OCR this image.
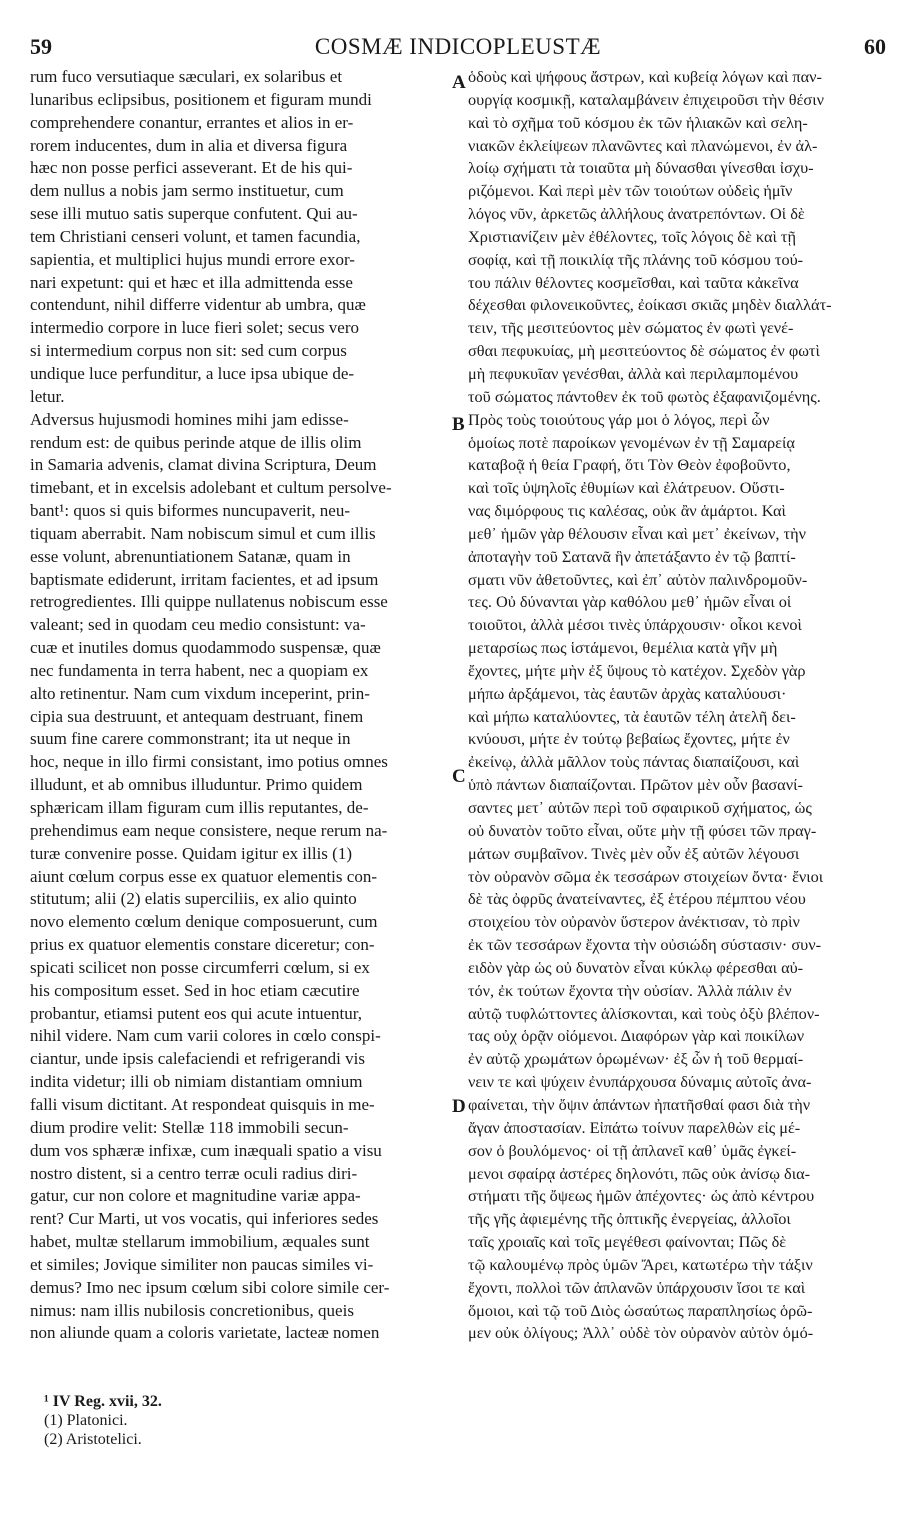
59	COSMÆ INDICOPLEUSTÆ	60
rum fuco versutiaque sæculari, ex solaribus et
lunaribus eclipsibus, positionem et figuram mundi
comprehendere conantur, errantes et alios in er-
rorem inducentes, dum in alia et diversa figura
hæc non posse perfici asseverant. Et de his qui-
dem nullus a nobis jam sermo instituetur, cum
sese illi mutuo satis superque confutent. Qui au-
tem Christiani censeri volunt, et tamen facundia,
sapientia, et multiplici hujus mundi errore exor-
nari expetunt: qui et hæc et illa admittenda esse
contendunt, nihil differre videntur ab umbra, quæ
intermedio corpore in luce fieri solet; secus vero
si intermedium corpus non sit: sed cum corpus
undique luce perfunditur, a luce ipsa ubique de-
letur.
Adversus hujusmodi homines mihi jam edisse-
rendum est: de quibus perinde atque de illis olim
in Samaria advenis, clamat divina Scriptura, Deum
timebant, et in excelsis adolebant et cultum persolve-
bant¹: quos si quis biformes nuncupaverit, neu-
tiquam aberrabit. Nam nobiscum simul et cum illis
esse volunt, abrenuntiationem Satanæ, quam in
baptismate ediderunt, irritam facientes, et ad ipsum
retrogredientes. Illi quippe nullatenus nobiscum esse
valeant; sed in quodam ceu medio consistunt: va-
cuæ et inutiles domus quodammodo suspensæ, quæ
nec fundamenta in terra habent, nec a quopiam ex
alto retinentur. Nam cum vixdum inceperint, prin-
cipia sua destruunt, et antequam destruant, finem
suum fine carere commonstrant; ita ut neque in
hoc, neque in illo firmi consistant, imo potius omnes
illudunt, et ab omnibus illuduntur. Primo quidem
sphæricam illam figuram cum illis reputantes, de-
prehendimus eam neque consistere, neque rerum na-
turæ convenire posse. Quidam igitur ex illis (1)
aiunt cœlum corpus esse ex quatuor elementis con-
stitutum; alii (2) elatis superciliis, ex alio quinto
novo elemento cœlum denique composuerunt, cum
prius ex quatuor elementis constare diceretur; con-
spicati scilicet non posse circumferri cœlum, si ex
his compositum esset. Sed in hoc etiam cæcutire
probantur, etiamsi putent eos qui acute intuentur,
nihil videre. Nam cum varii colores in cœlo conspi-
ciantur, unde ipsis calefaciendi et refrigerandi vis
indita videtur; illi ob nimiam distantiam omnium
falli visum dictitant. At respondeat quisquis in me-
dium prodire velit: Stellæ 118 immobili secun-
dum vos sphæræ infixæ, cum inæquali spatio a visu
nostro distent, si a centro terræ oculi radius diri-
gatur, cur non colore et magnitudine variæ appa-
rent? Cur Marti, ut vos vocatis, qui inferiores sedes
habet, multæ stellarum immobilium, æquales sunt
et similes; Jovique similiter non paucas similes vi-
demus? Imo nec ipsum cœlum sibi colore simile cer-
nimus: nam illis nubilosis concretionibus, queis
non aliunde quam a coloris varietate, lacteæ nomen
A
B
C
D
ὁδοὺς καὶ ψήφους ἄστρων, καὶ κυβείᾳ λόγων καὶ παν-
ουργίᾳ κοσμικῇ, καταλαμβάνειν ἐπιχειροῦσι τὴν θέσιν
καὶ τὸ σχῆμα τοῦ κόσμου ἐκ τῶν ἡλιακῶν καὶ σελη-
νιακῶν ἐκλείψεων πλανῶντες καὶ πλανώμενοι, ἐν ἀλ-
λοίῳ σχήματι τὰ τοιαῦτα μὴ δύνασθαι γίνεσθαι ἰσχυ-
ριζόμενοι. Καὶ περὶ μὲν τῶν τοιούτων οὐδεὶς ἡμῖν
λόγος νῦν, ἀρκετῶς ἀλλήλους ἀνατρεπόντων. Οἱ δὲ
Χριστιανίζειν μὲν ἐθέλοντες, τοῖς λόγοις δὲ καὶ τῇ
σοφίᾳ, καὶ τῇ ποικιλίᾳ τῆς πλάνης τοῦ κόσμου τού-
του πάλιν θέλοντες κοσμεῖσθαι, καὶ ταῦτα κἀκεῖνα
δέχεσθαι φιλονεικοῦντες, ἐοίκασι σκιᾶς μηδὲν διαλλάτ-
τειν, τῆς μεσιτεύοντος μὲν σώματος ἐν φωτὶ γενέ-
σθαι πεφυκυίας, μὴ μεσιτεύοντος δὲ σώματος ἐν φωτὶ
μὴ πεφυκυῖαν γενέσθαι, ἀλλὰ καὶ περιλαμπομένου
τοῦ σώματος πάντοθεν ἐκ τοῦ φωτὸς ἐξαφανιζομένης.
Πρὸς τοὺς τοιούτους γάρ μοι ὁ λόγος, περὶ ὧν
ὁμοίως ποτὲ παροίκων γενομένων ἐν τῇ Σαμαρείᾳ
καταβοᾷ ἡ θεία Γραφή, ὅτι Τὸν Θεὸν ἐφοβοῦντο,
καὶ τοῖς ὑψηλοῖς ἐθυμίων καὶ ἐλάτρευον. Οὕστι-
νας διμόρφους τις καλέσας, οὐκ ἂν ἁμάρτοι. Καὶ
μεθ᾽ ἡμῶν γὰρ θέλουσιν εἶναι καὶ μετ᾽ ἐκείνων, τὴν
ἀποταγὴν τοῦ Σατανᾶ ἣν ἀπετάξαντο ἐν τῷ βαπτί-
σματι νῦν ἀθετοῦντες, καὶ ἐπ᾽ αὐτὸν παλινδρομοῦν-
τες. Οὐ δύνανται γὰρ καθόλου μεθ᾽ ἡμῶν εἶναι οἱ
τοιοῦτοι, ἀλλὰ μέσοι τινὲς ὑπάρχουσιν· οἶκοι κενοὶ
μεταρσίως πως ἱστάμενοι, θεμέλια κατὰ γῆν μὴ
ἔχοντες, μήτε μὴν ἐξ ὕψους τὸ κατέχον. Σχεδὸν γὰρ
μήπω ἀρξάμενοι, τὰς ἑαυτῶν ἀρχὰς καταλύουσι·
καὶ μήπω καταλύοντες, τὰ ἑαυτῶν τέλη ἀτελῆ δει-
κνύουσι, μήτε ἐν τούτῳ βεβαίως ἔχοντες, μήτε ἐν
ἐκείνῳ, ἀλλὰ μᾶλλον τοὺς πάντας διαπαίζουσι, καὶ
ὑπὸ πάντων διαπαίζονται. Πρῶτον μὲν οὖν βασανί-
σαντες μετ᾽ αὐτῶν περὶ τοῦ σφαιρικοῦ σχήματος, ὡς
οὐ δυνατὸν τοῦτο εἶναι, οὔτε μὴν τῇ φύσει τῶν πραγ-
μάτων συμβαῖνον. Τινὲς μὲν οὖν ἐξ αὐτῶν λέγουσι
τὸν οὐρανὸν σῶμα ἐκ τεσσάρων στοιχείων ὄντα· ἔνιοι
δὲ τὰς ὀφρῦς ἀνατείναντες, ἐξ ἑτέρου πέμπτου νέου
στοιχείου τὸν οὐρανὸν ὕστερον ἀνέκτισαν, τὸ πρὶν
ἐκ τῶν τεσσάρων ἔχοντα τὴν οὐσιώδη σύστασιν· συν-
ειδὸν γὰρ ὡς οὐ δυνατὸν εἶναι κύκλῳ φέρεσθαι αὐ-
τόν, ἐκ τούτων ἔχοντα τὴν οὐσίαν. Ἀλλὰ πάλιν ἐν
αὐτῷ τυφλώττοντες ἁλίσκονται, καὶ τοὺς ὀξὺ βλέπον-
τας οὐχ ὁρᾷν οἰόμενοι. Διαφόρων γὰρ καὶ ποικίλων
ἐν αὐτῷ χρωμάτων ὁρωμένων· ἐξ ὧν ἡ τοῦ θερμαί-
νειν τε καὶ ψύχειν ἐνυπάρχουσα δύναμις αὐτοῖς ἀνα-
φαίνεται, τὴν ὄψιν ἁπάντων ἠπατῆσθαί φασι διὰ τὴν
ἄγαν ἀποστασίαν. Εἰπάτω τοίνυν παρελθὼν εἰς μέ-
σον ὁ βουλόμενος· οἱ τῇ ἀπλανεῖ καθ᾽ ὑμᾶς ἐγκεί-
μενοι σφαίρᾳ ἀστέρες δηλονότι, πῶς οὐκ ἀνίσῳ δια-
στήματι τῆς ὄψεως ἡμῶν ἀπέχοντες· ὡς ἀπὸ κέντρου
τῆς γῆς ἀφιεμένης τῆς ὀπτικῆς ἐνεργείας, ἀλλοῖοι
ταῖς χροιαῖς καὶ τοῖς μεγέθεσι φαίνονται; Πῶς δὲ
τῷ καλουμένῳ πρὸς ὑμῶν Ἄρει, κατωτέρω τὴν τάξιν
ἔχοντι, πολλοὶ τῶν ἀπλανῶν ὑπάρχουσιν ἴσοι τε καὶ
ὅμοιοι, καὶ τῷ τοῦ Διὸς ὡσαύτως παραπλησίως ὁρῶ-
μεν οὐκ ὀλίγους; Ἀλλ᾽ οὐδὲ τὸν οὐρανὸν αὐτὸν ὁμό-
¹ IV Reg. xvii, 32.
(1) Platonici.
(2) Aristotelici.
